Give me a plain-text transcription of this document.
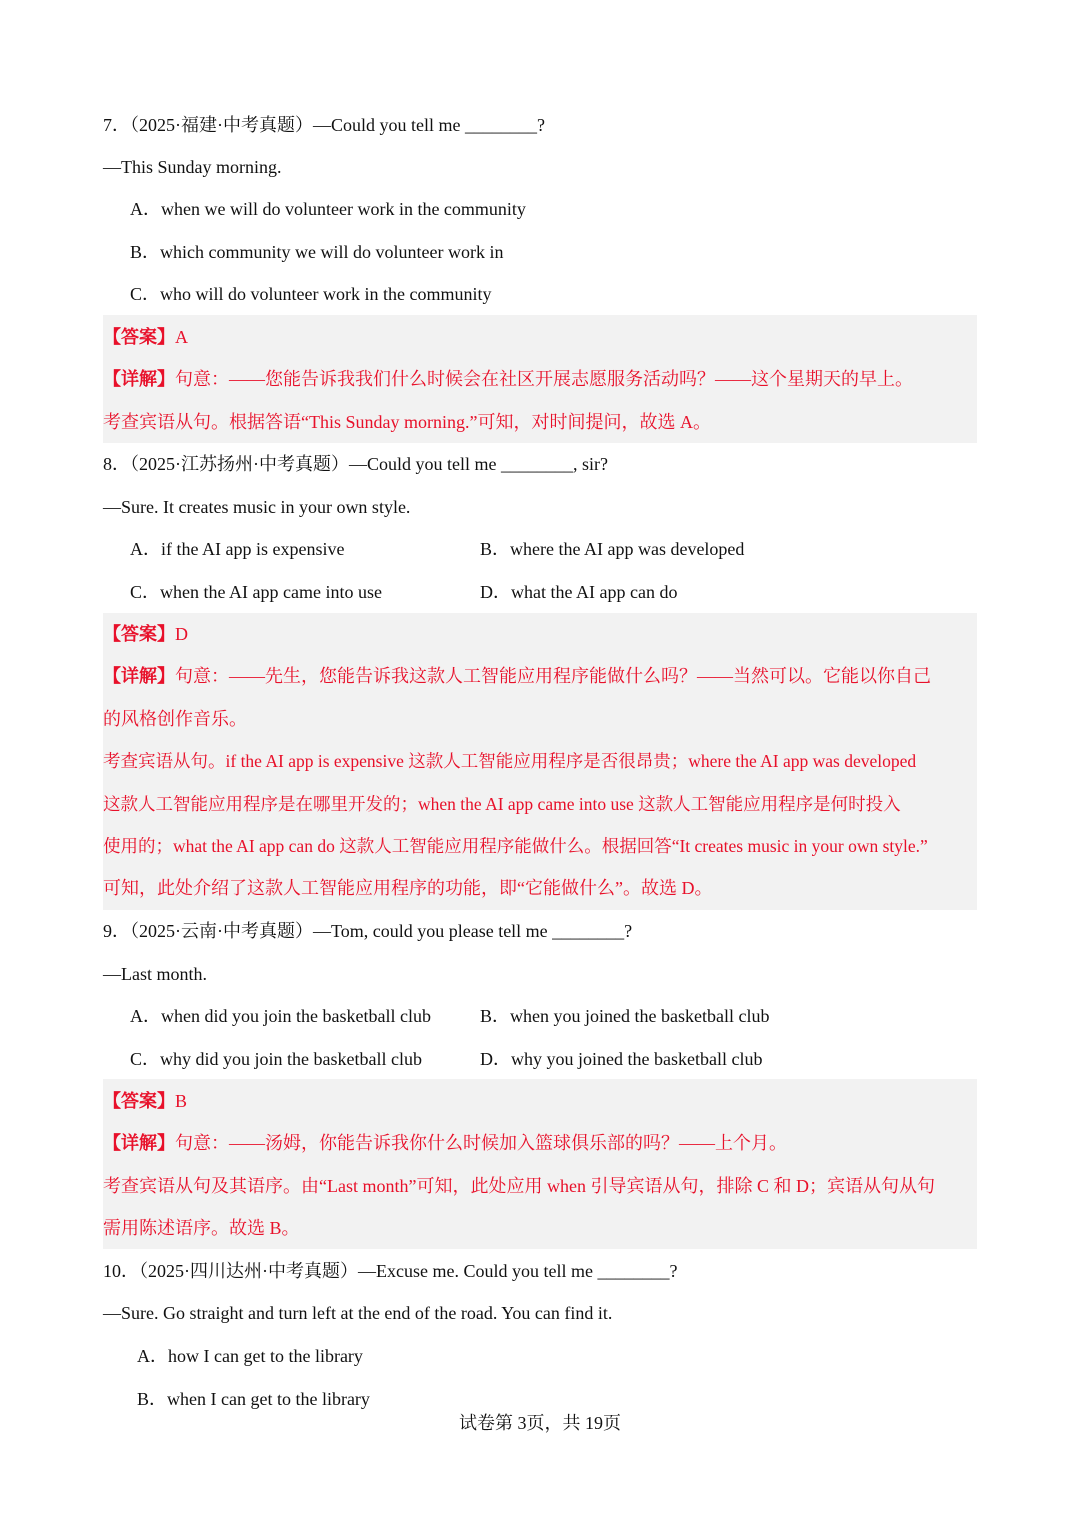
7．（2025·福建·中考真题）—Could you tell me ________?
—This Sunday morning.
A．when we will do volunteer work in the community
B．which community we will do volunteer work in
C．who will do volunteer work in the community
【答案】A
【详解】句意：——您能告诉我我们什么时候会在社区开展志愿服务活动吗？——这个星期天的早上。
考查宾语从句。根据答语“This Sunday morning.”可知，对时间提问，故选 A。
8．（2025·江苏扬州·中考真题）—Could you tell me ________, sir?
—Sure. It creates music in your own style.
A．if the AI app is expensive	B．where the AI app was developed
C．when the AI app came into use	D．what the AI app can do
【答案】D
【详解】句意：——先生，您能告诉我这款人工智能应用程序能做什么吗？——当然可以。它能以你自己
的风格创作音乐。
考查宾语从句。if the AI app is expensive 这款人工智能应用程序是否很昂贵；where the AI app was developed
这款人工智能应用程序是在哪里开发的；when the AI app came into use 这款人工智能应用程序是何时投入
使用的；what the AI app can do 这款人工智能应用程序能做什么。根据回答“It creates music in your own style.”
可知，此处介绍了这款人工智能应用程序的功能，即“它能做什么”。故选 D。
9．（2025·云南·中考真题）—Tom, could you please tell me ________?
—Last month.
A．when did you join the basketball club	B．when you joined the basketball club
C．why did you join the basketball club	D．why you joined the basketball club
【答案】B
【详解】句意：——汤姆，你能告诉我你什么时候加入篮球俱乐部的吗？——上个月。
考查宾语从句及其语序。由“Last month”可知，此处应用 when 引导宾语从句，排除 C 和 D；宾语从句从句
需用陈述语序。故选 B。
10．（2025·四川达州·中考真题）—Excuse me. Could you tell me ________?
—Sure. Go straight and turn left at the end of the road. You can find it.
A．how I can get to the library
B．when I can get to the library
试卷第 3页，共 19页
